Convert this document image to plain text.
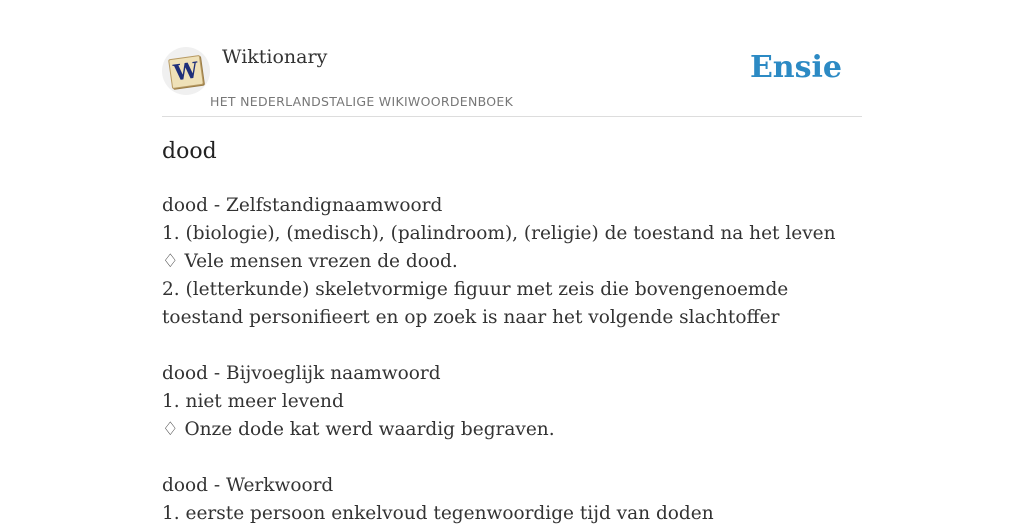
W
Wiktionary
HET NEDERLANDSTALIGE WIKIWOORDENBOEK
Ensie
dood
dood - Zelfstandignaamwoord
1. (biologie), (medisch), (palindroom), (religie) de toestand na het leven
♢ Vele mensen vrezen de dood.
2. (letterkunde) skeletvormige figuur met zeis die bovengenoemde toestand personifieert en op zoek is naar het volgende slachtoffer
dood - Bijvoeglijk naamwoord
1. niet meer levend
♢ Onze dode kat werd waardig begraven.
dood - Werkwoord
1. eerste persoon enkelvoud tegenwoordige tijd van doden
